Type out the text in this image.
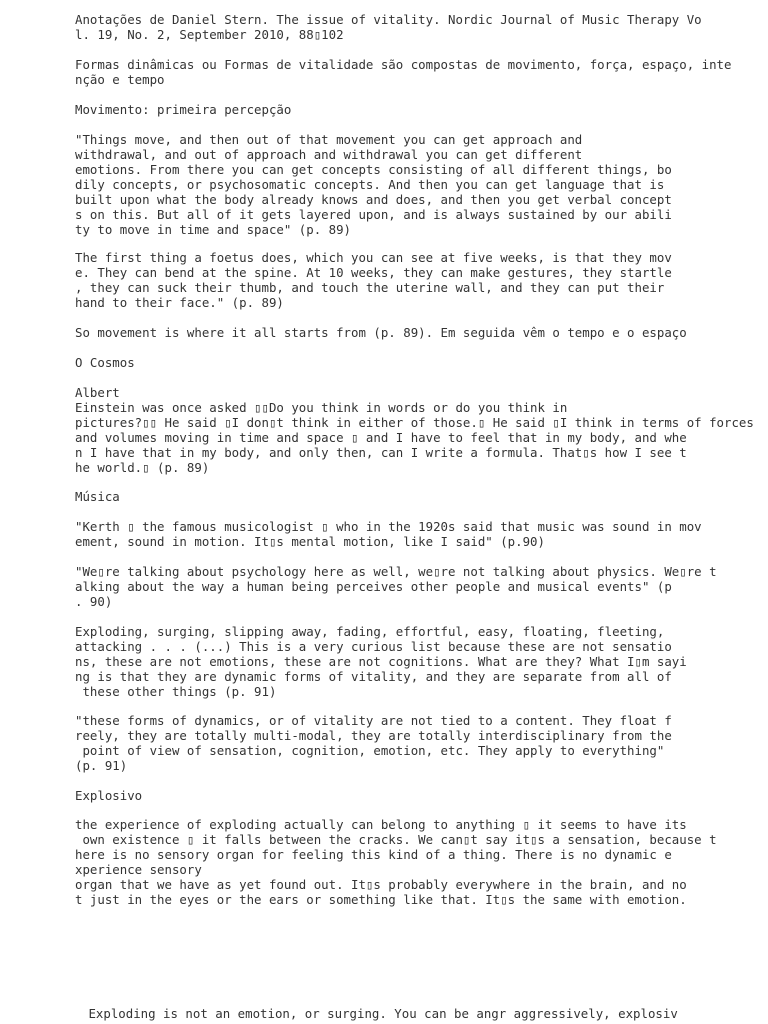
Anotações de Daniel Stern. The issue of vitality. Nordic Journal of Music Therapy Vo

l. 19, No. 2, September 2010, 88▯102

Formas dinâmicas ou Formas de vitalidade são compostas de movimento, força, espaço, inte

nção e tempo

Movimento: primeira percepção

"Things move, and then out of that movement you can get approach and

withdrawal, and out of approach and withdrawal you can get different

emotions. From there you can get concepts consisting of all different things, bo

dily concepts, or psychosomatic concepts. And then you can get language that is

built upon what the body already knows and does, and then you get verbal concept

s on this. But all of it gets layered upon, and is always sustained by our abili

ty to move in time and space" (p. 89)

The first thing a foetus does, which you can see at five weeks, is that they mov

e. They can bend at the spine. At 10 weeks, they can make gestures, they startle

, they can suck their thumb, and touch the uterine wall, and they can put their

hand to their face." (p. 89)

So movement is where it all starts from (p. 89). Em seguida vêm o tempo e o espaço

O Cosmos

Albert

Einstein was once asked ▯▯Do you think in words or do you think in

pictures?▯▯ He said ▯I don▯t think in either of those.▯ He said ▯I think in terms of forces

and volumes moving in time and space ▯ and I have to feel that in my body, and whe

n I have that in my body, and only then, can I write a formula. That▯s how I see t

he world.▯ (p. 89)

Música

"Kerth ▯ the famous musicologist ▯ who in the 1920s said that music was sound in mov

ement, sound in motion. It▯s mental motion, like I said" (p.90)

"We▯re talking about psychology here as well, we▯re not talking about physics. We▯re t

alking about the way a human being perceives other people and musical events" (p

. 90)

Exploding, surging, slipping away, fading, effortful, easy, floating, fleeting,

attacking . . . (...) This is a very curious list because these are not sensatio

ns, these are not emotions, these are not cognitions. What are they? What I▯m sayi

ng is that they are dynamic forms of vitality, and they are separate from all of

these other things (p. 91)

"these forms of dynamics, or of vitality are not tied to a content. They float f

reely, they are totally multi-modal, they are totally interdisciplinary from the

point of view of sensation, cognition, emotion, etc. They apply to everything"

(p. 91)

Explosivo

the experience of exploding actually can belong to anything ▯ it seems to have its

own existence ▯ it falls between the cracks. We can▯t say it▯s a sensation, because t

here is no sensory organ for feeling this kind of a thing. There is no dynamic e

xperience sensory

organ that we have as yet found out. It▯s probably everywhere in the brain, and no

t just in the eyes or the ears or something like that. It▯s the same with emotion.

Exploding is not an emotion, or surging. You can be angr aggressively, explosiv
